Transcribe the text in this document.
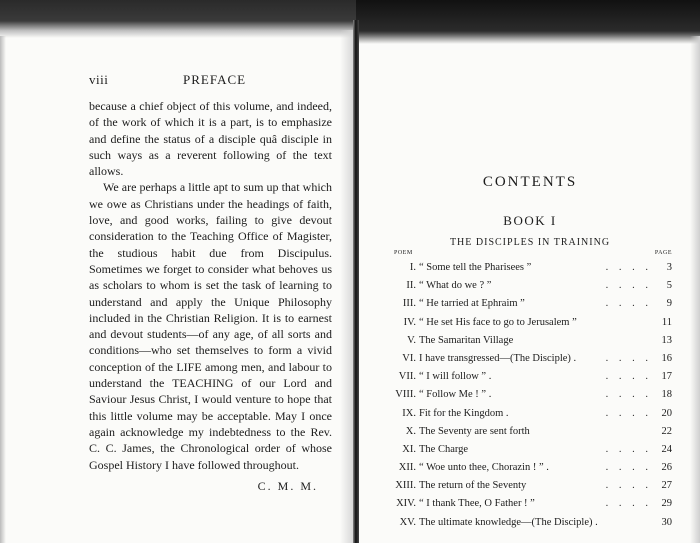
viii	PREFACE

because a chief object of this volume, and indeed, of the work of which it is a part, is to emphasize and define the status of a disciple quâ disciple in such ways as a reverent following of the text allows.

We are perhaps a little apt to sum up that which we owe as Christians under the headings of faith, love, and good works, failing to give devout consideration to the Teaching Office of Magister, the studious habit due from Discipulus. Sometimes we forget to consider what behoves us as scholars to whom is set the task of learning to understand and apply the Unique Philosophy included in the Christian Religion. It is to earnest and devout students—of any age, of all sorts and conditions—who set themselves to form a vivid conception of the LIFE among men, and labour to understand the TEACHING of our Lord and Saviour Jesus Christ, I would venture to hope that this little volume may be acceptable. May I once again acknowledge my indebtedness to the Rev. C. C. James, the Chronological order of whose Gospel History I have followed throughout.

C. M. M.
CONTENTS
BOOK I
THE DISCIPLES IN TRAINING
POEM	PAGE
I. “ Some tell the Pharisees ”	. . . .	3
II. “ What do we ? ”	. . . .	5
III. “ He tarried at Ephraim ”	. . . .	9
IV. “ He set His face to go to Jerusalem ”	11
V. The Samaritan Village	13
VI. I have transgressed—(The Disciple) .	. . . . 16
VII. “ I will follow ” .	. . . . 17
VIII. “ Follow Me ! ” .	. . . . 18
IX. Fit for the Kingdom .	. . . . 20
X. The Seventy are sent forth	22
XI. The Charge	. . . . 24
XII. “ Woe unto thee, Chorazin ! ” .	. . . . 26
XIII. The return of the Seventy	. . . . 27
XIV. “ I thank Thee, O Father ! ”	. . . . 29
XV. The ultimate knowledge—(The Disciple) .	30
